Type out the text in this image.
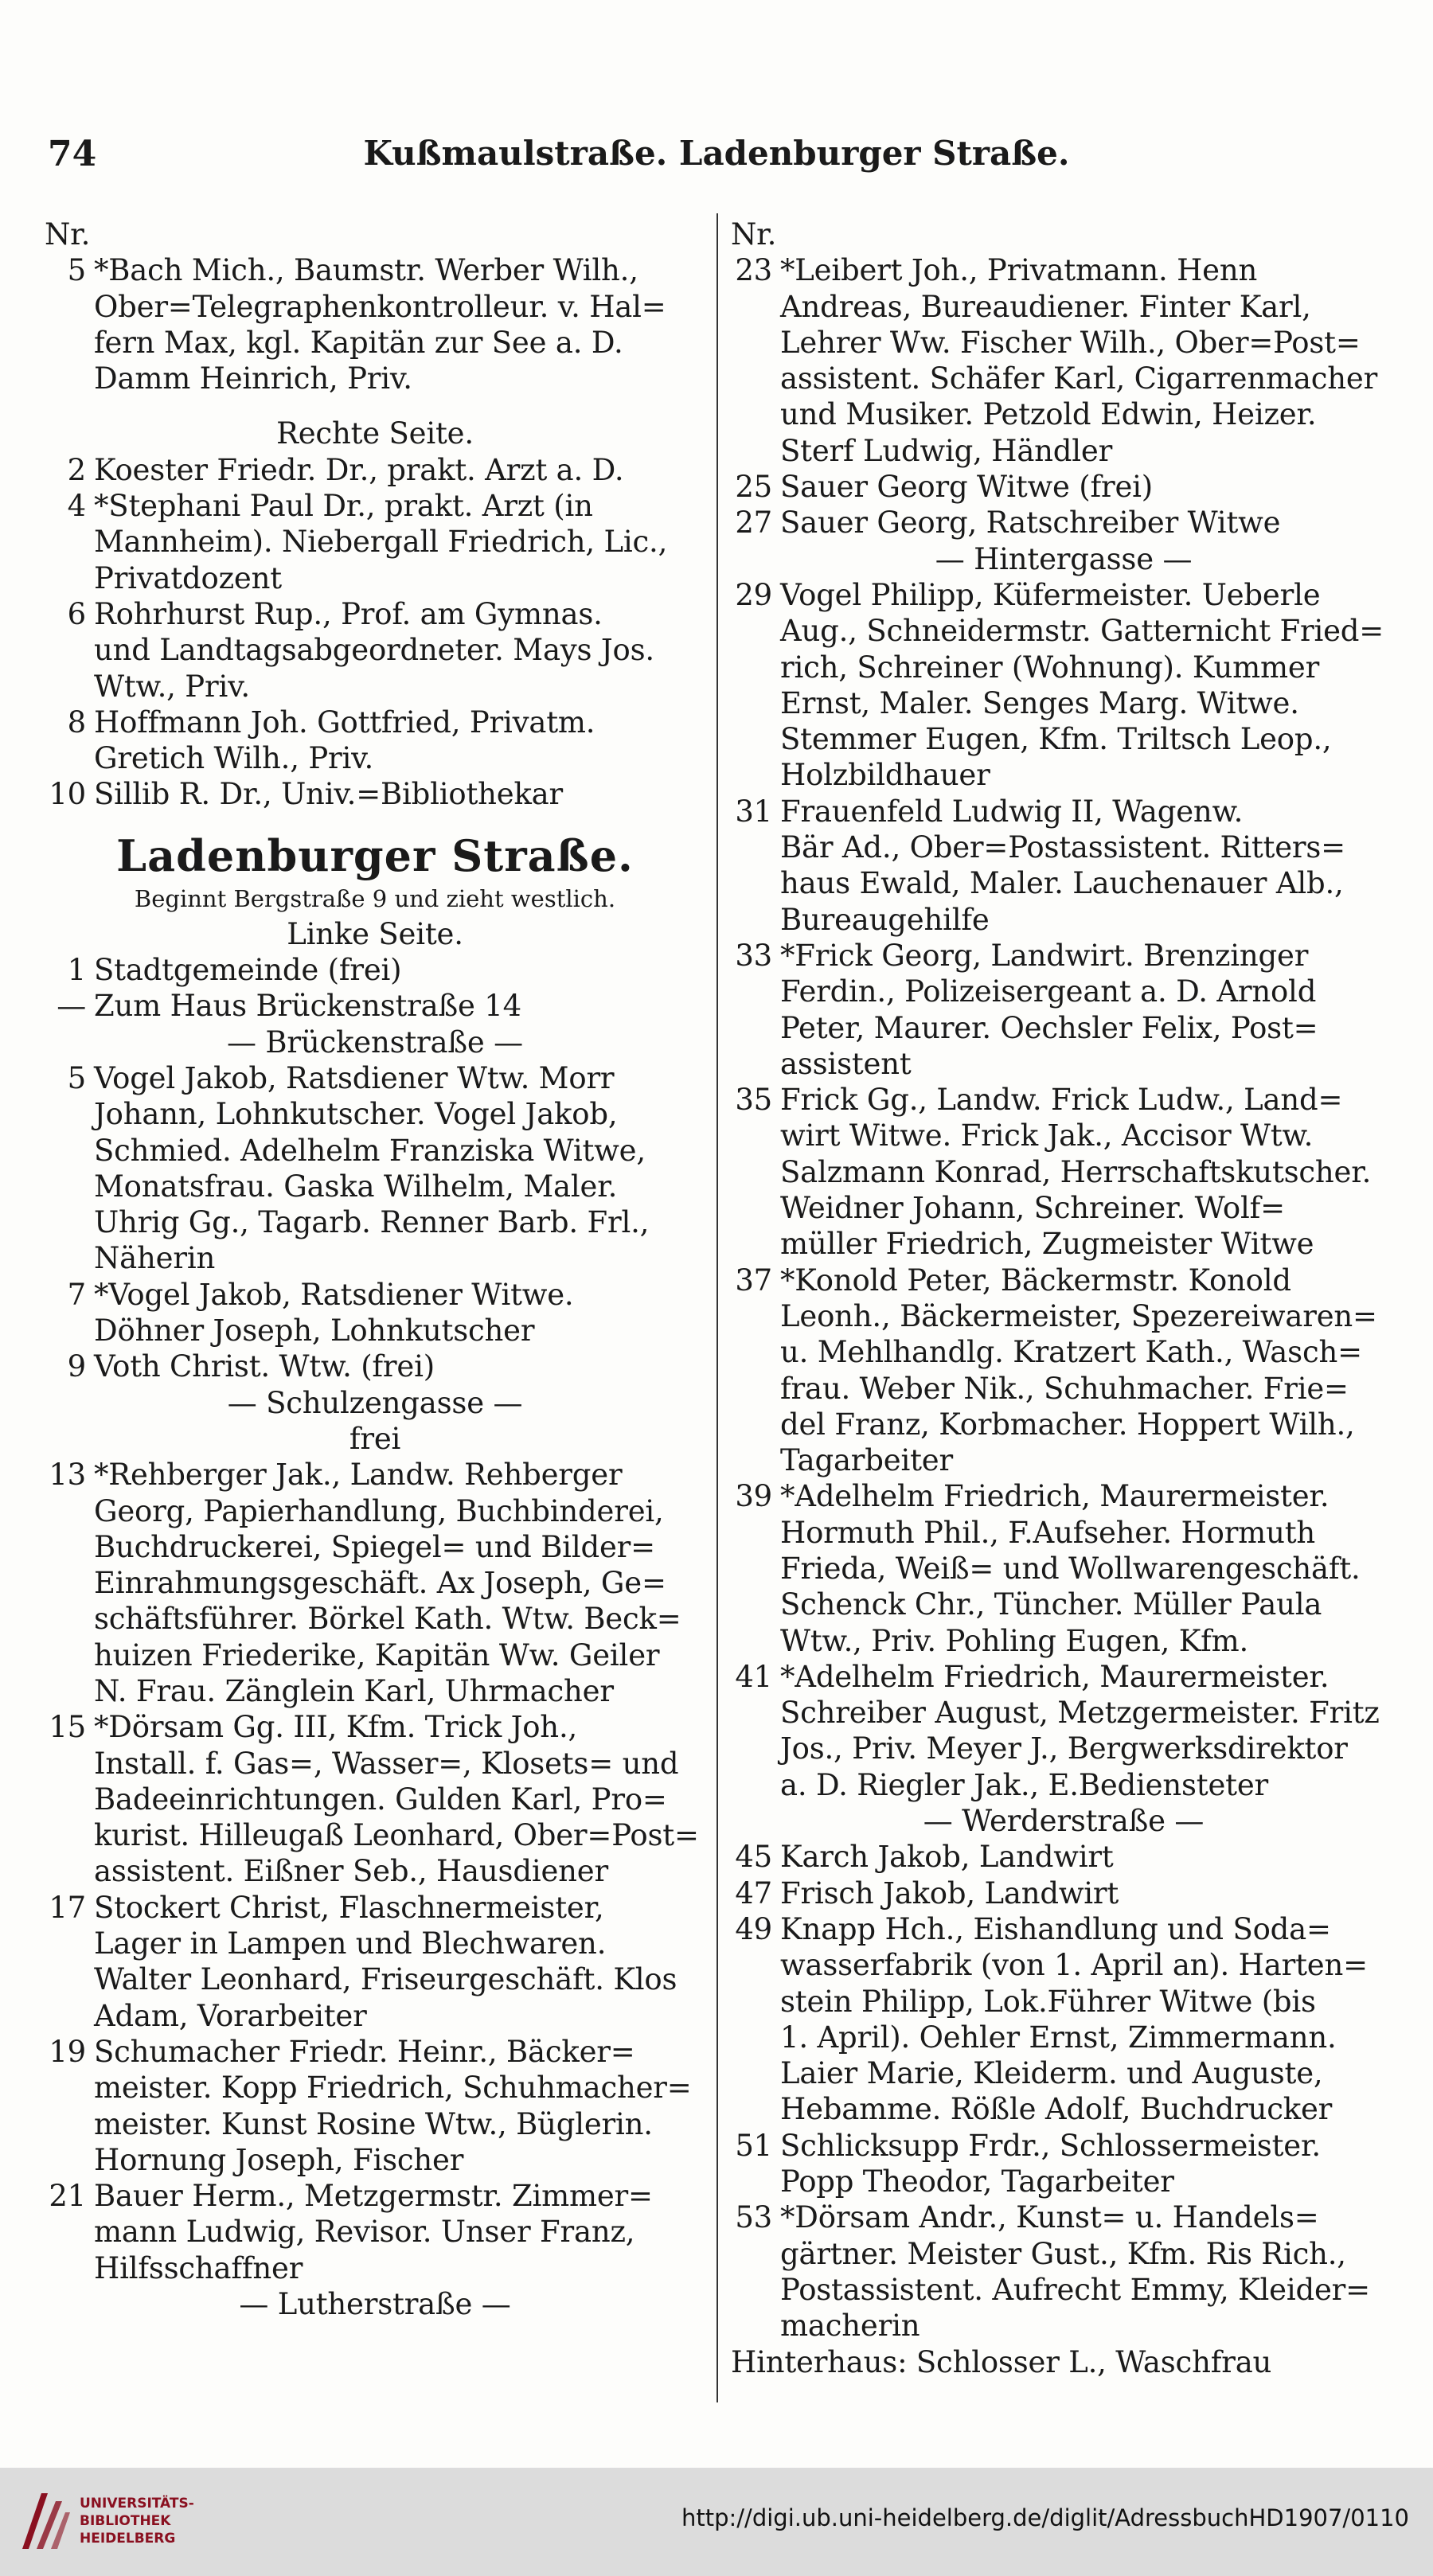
74	Kußmaulstraße. Ladenburger Straße.
Nr.
5 *Bach Mich., Baumstr. Werber Wilh.,
Ober=Telegraphenkontrolleur. v. Hal=
fern Max, kgl. Kapitän zur See a. D.
Damm Heinrich, Priv.
Rechte Seite.
2 Koester Friedr. Dr., prakt. Arzt a. D.
4 *Stephani Paul Dr., prakt. Arzt (in
Mannheim). Niebergall Friedrich, Lic.,
Privatdozent
6 Rohrhurst Rup., Prof. am Gymnas.
und Landtagsabgeordneter. Mays Jos.
Wtw., Priv.
8 Hoffmann Joh. Gottfried, Privatm.
Gretich Wilh., Priv.
10 Sillib R. Dr., Univ.=Bibliothekar
Ladenburger Straße.
Beginnt Bergstraße 9 und zieht westlich.
Linke Seite.
1 Stadtgemeinde (frei)
— Zum Haus Brückenstraße 14
— Brückenstraße —
5 Vogel Jakob, Ratsdiener Wtw. Morr
Johann, Lohnkutscher. Vogel Jakob,
Schmied. Adelhelm Franziska Witwe,
Monatsfrau. Gaska Wilhelm, Maler.
Uhrig Gg., Tagarb. Renner Barb. Frl.,
Näherin
7 *Vogel Jakob, Ratsdiener Witwe.
Döhner Joseph, Lohnkutscher
9 Voth Christ. Wtw. (frei)
— Schulzengasse —
frei
13 *Rehberger Jak., Landw. Rehberger
Georg, Papierhandlung, Buchbinderei,
Buchdruckerei, Spiegel= und Bilder=
Einrahmungsgeschäft. Ax Joseph, Ge=
schäftsführer. Börkel Kath. Wtw. Beck=
huizen Friederike, Kapitän Ww. Geiler
N. Frau. Zänglein Karl, Uhrmacher
15 *Dörsam Gg. III, Kfm. Trick Joh.,
Install. f. Gas=, Wasser=, Klosets= und
Badeeinrichtungen. Gulden Karl, Pro=
kurist. Hilleugaß Leonhard, Ober=Post=
assistent. Eißner Seb., Hausdiener
17 Stockert Christ, Flaschnermeister,
Lager in Lampen und Blechwaren.
Walter Leonhard, Friseurgeschäft. Klos
Adam, Vorarbeiter
19 Schumacher Friedr. Heinr., Bäcker=
meister. Kopp Friedrich, Schuhmacher=
meister. Kunst Rosine Wtw., Büglerin.
Hornung Joseph, Fischer
21 Bauer Herm., Metzgermstr. Zimmer=
mann Ludwig, Revisor. Unser Franz,
Hilfsschaffner
— Lutherstraße —
Nr.
23 *Leibert Joh., Privatmann. Henn
Andreas, Bureaudiener. Finter Karl,
Lehrer Ww. Fischer Wilh., Ober=Post=
assistent. Schäfer Karl, Cigarrenmacher
und Musiker. Petzold Edwin, Heizer.
Sterf Ludwig, Händler
25 Sauer Georg Witwe (frei)
27 Sauer Georg, Ratschreiber Witwe
— Hintergasse —
29 Vogel Philipp, Küfermeister. Ueberle
Aug., Schneidermstr. Gatternicht Fried=
rich, Schreiner (Wohnung). Kummer
Ernst, Maler. Senges Marg. Witwe.
Stemmer Eugen, Kfm. Triltsch Leop.,
Holzbildhauer
31 Frauenfeld Ludwig II, Wagenw.
Bär Ad., Ober=Postassistent. Ritters=
haus Ewald, Maler. Lauchenauer Alb.,
Bureaugehilfe
33 *Frick Georg, Landwirt. Brenzinger
Ferdin., Polizeisergeant a. D. Arnold
Peter, Maurer. Oechsler Felix, Post=
assistent
35 Frick Gg., Landw. Frick Ludw., Land=
wirt Witwe. Frick Jak., Accisor Wtw.
Salzmann Konrad, Herrschaftskutscher.
Weidner Johann, Schreiner. Wolf=
müller Friedrich, Zugmeister Witwe
37 *Konold Peter, Bäckermstr. Konold
Leonh., Bäckermeister, Spezereiwaren=
u. Mehlhandlg. Kratzert Kath., Wasch=
frau. Weber Nik., Schuhmacher. Frie=
del Franz, Korbmacher. Hoppert Wilh.,
Tagarbeiter
39 *Adelhelm Friedrich, Maurermeister.
Hormuth Phil., F.Aufseher. Hormuth
Frieda, Weiß= und Wollwarengeschäft.
Schenck Chr., Tüncher. Müller Paula
Wtw., Priv. Pohling Eugen, Kfm.
41 *Adelhelm Friedrich, Maurermeister.
Schreiber August, Metzgermeister. Fritz
Jos., Priv. Meyer J., Bergwerksdirektor
a. D. Riegler Jak., E.Bediensteter
— Werderstraße —
45 Karch Jakob, Landwirt
47 Frisch Jakob, Landwirt
49 Knapp Hch., Eishandlung und Soda=
wasserfabrik (von 1. April an). Harten=
stein Philipp, Lok.Führer Witwe (bis
1. April). Oehler Ernst, Zimmermann.
Laier Marie, Kleiderm. und Auguste,
Hebamme. Rößle Adolf, Buchdrucker
51 Schlicksupp Frdr., Schlossermeister.
Popp Theodor, Tagarbeiter
53 *Dörsam Andr., Kunst= u. Handels=
gärtner. Meister Gust., Kfm. Ris Rich.,
Postassistent. Aufrecht Emmy, Kleider=
macherin
Hinterhaus: Schlosser L., Waschfrau
UNIVERSITÄTS-
BIBLIOTHEK
HEIDELBERG
http://digi.ub.uni-heidelberg.de/diglit/AdressbuchHD1907/0110
